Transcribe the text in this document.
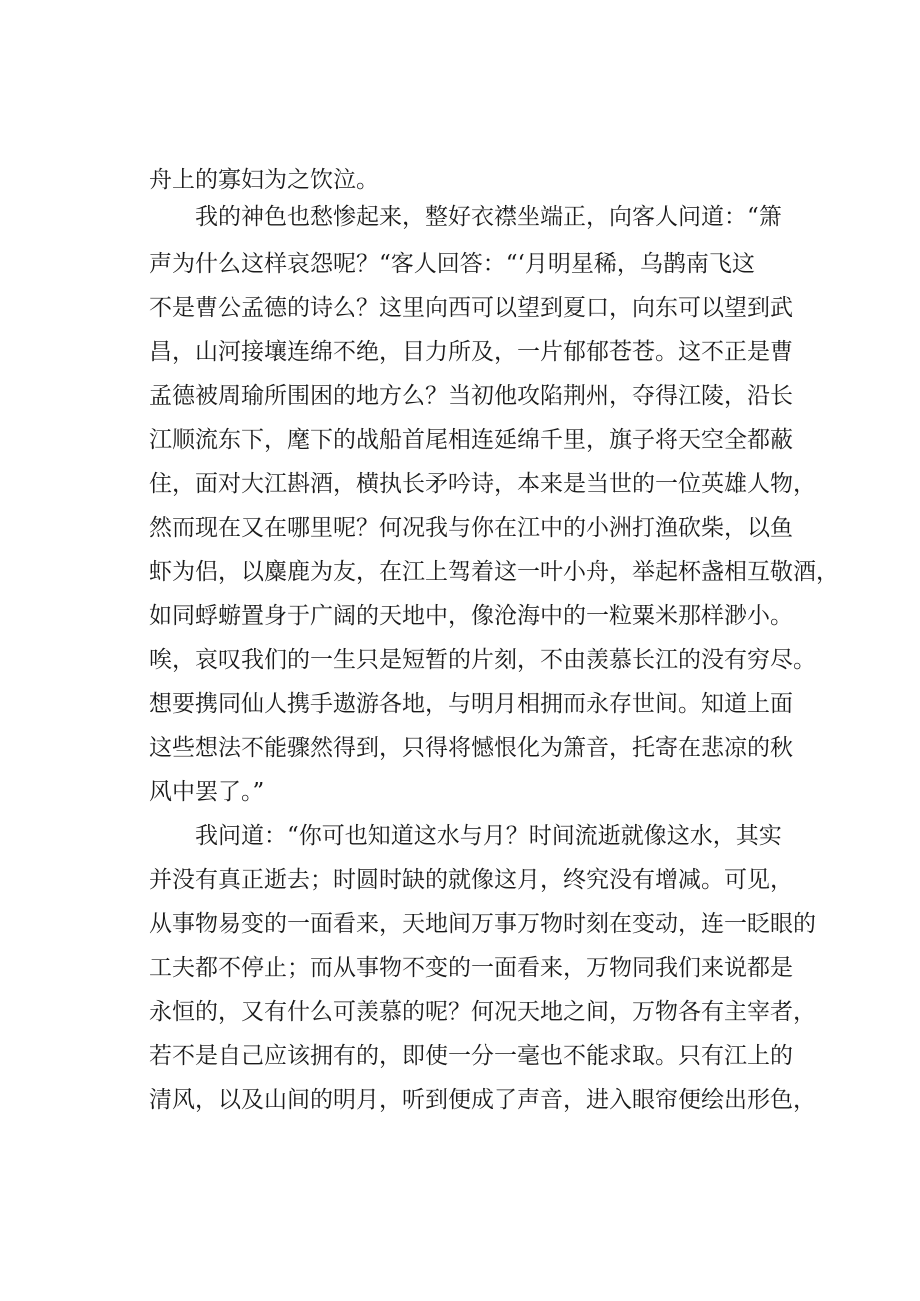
舟上的寡妇为之饮泣。
　　我的神色也愁惨起来，整好衣襟坐端正，向客人问道：“箫
声为什么这样哀怨呢？“客人回答：“‘月明星稀，乌鹊南飞这
不是曹公孟德的诗么？这里向西可以望到夏口，向东可以望到武
昌，山河接壤连绵不绝，目力所及，一片郁郁苍苍。这不正是曹
孟德被周瑜所围困的地方么？当初他攻陷荆州，夺得江陵，沿长
江顺流东下，麾下的战船首尾相连延绵千里，旗子将天空全都蔽
住，面对大江斟酒，横执长矛吟诗，本来是当世的一位英雄人物，
然而现在又在哪里呢？何况我与你在江中的小洲打渔砍柴，以鱼
虾为侣，以麋鹿为友，在江上驾着这一叶小舟，举起杯盏相互敬酒，
如同蜉蝣置身于广阔的天地中，像沧海中的一粒粟米那样渺小。
唉，哀叹我们的一生只是短暂的片刻，不由羡慕长江的没有穷尽。
想要携同仙人携手遨游各地，与明月相拥而永存世间。知道上面
这些想法不能骤然得到，只得将憾恨化为箫音，托寄在悲凉的秋
风中罢了。”
　　我问道：“你可也知道这水与月？时间流逝就像这水，其实
并没有真正逝去；时圆时缺的就像这月，终究没有增减。可见，
从事物易变的一面看来，天地间万事万物时刻在变动，连一眨眼的
工夫都不停止；而从事物不变的一面看来，万物同我们来说都是
永恒的，又有什么可羡慕的呢？何况天地之间，万物各有主宰者，
若不是自己应该拥有的，即使一分一毫也不能求取。只有江上的
清风，以及山间的明月，听到便成了声音，进入眼帘便绘出形色，
